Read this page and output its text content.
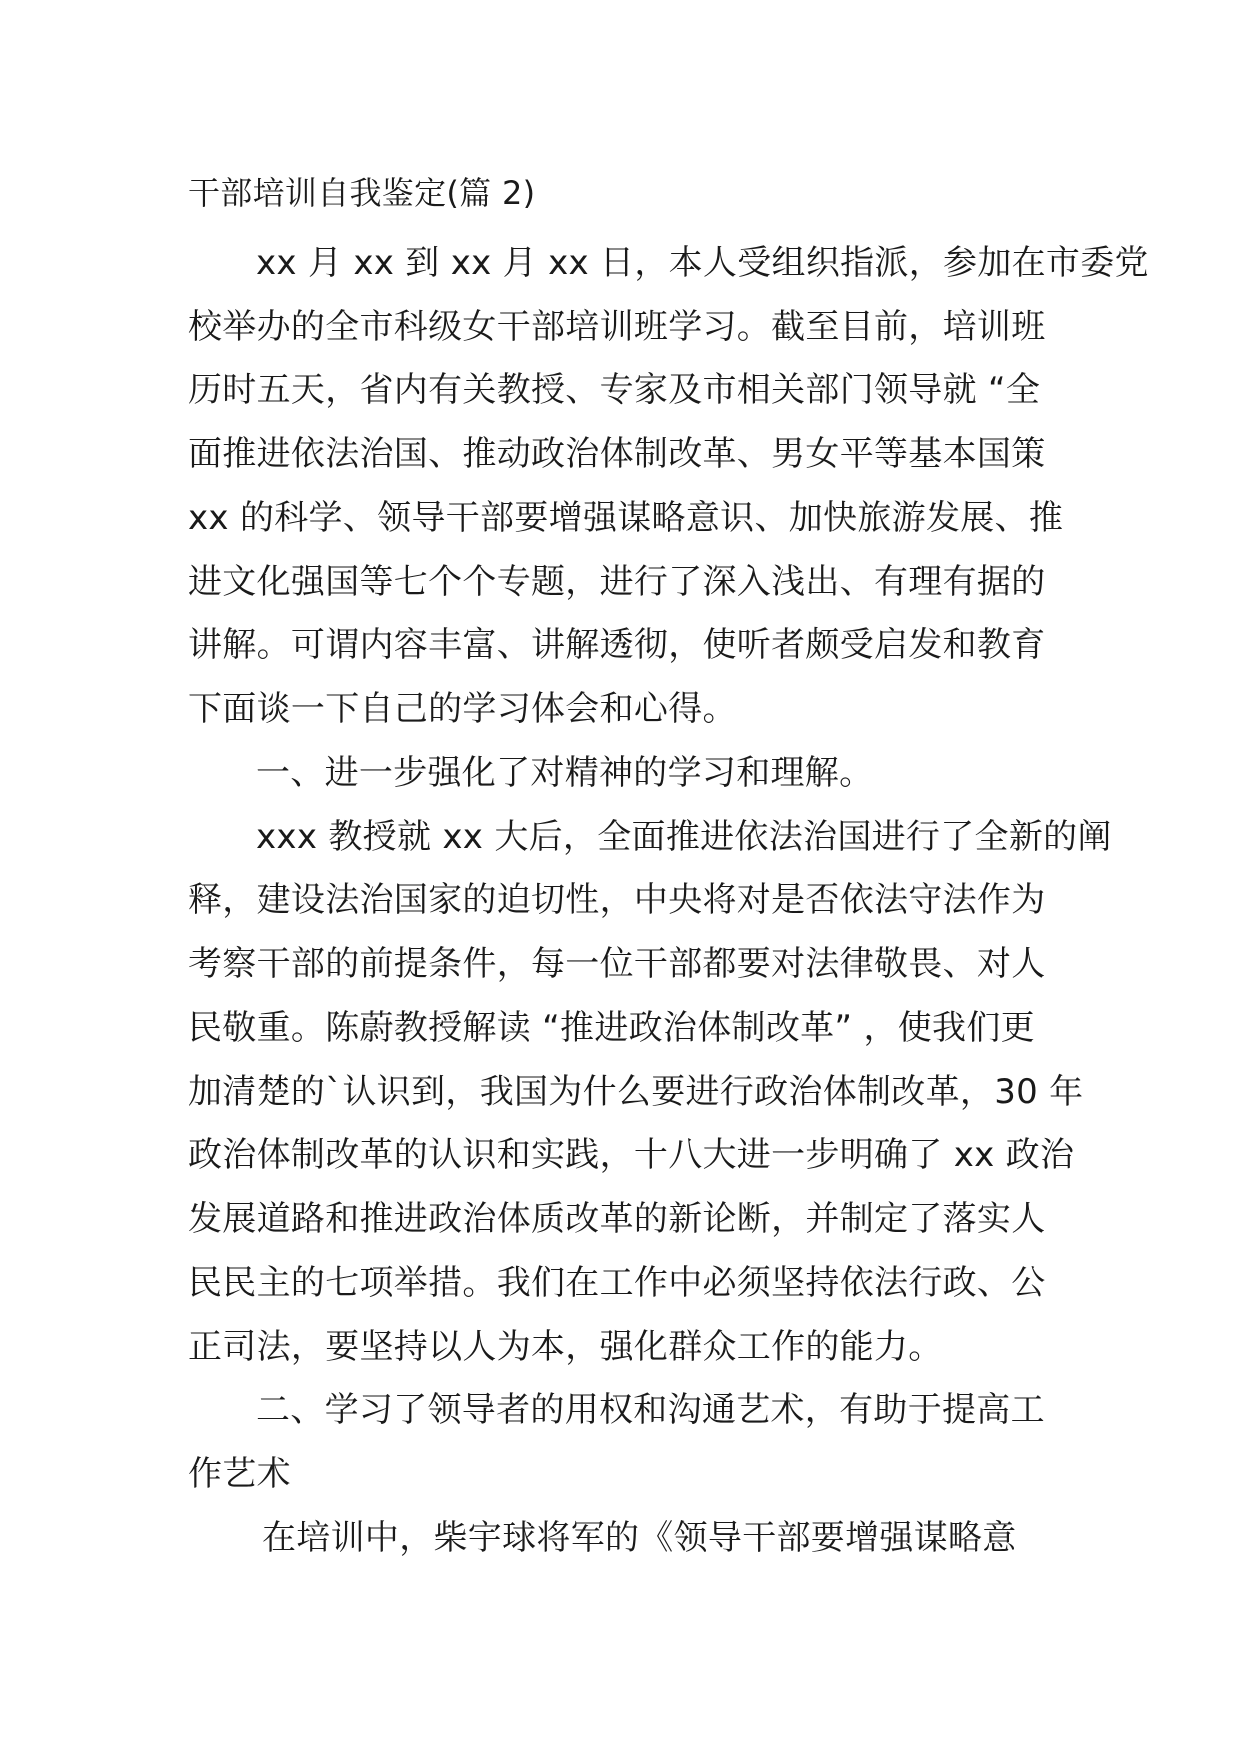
干部培训自我鉴定(篇 2)
xx 月 xx 到 xx 月 xx 日，本人受组织指派，参加在市委党
校举办的全市科级女干部培训班学习。截至目前，培训班
历时五天，省内有关教授、专家及市相关部门领导就 “全
面推进依法治国、推动政治体制改革、男女平等基本国策
xx 的科学、领导干部要增强谋略意识、加快旅游发展、推
进文化强国等七个个专题，进行了深入浅出、有理有据的
讲解。可谓内容丰富、讲解透彻，使听者颇受启发和教育
下面谈一下自己的学习体会和心得。
一、进一步强化了对精神的学习和理解。
xxx 教授就 xx 大后，全面推进依法治国进行了全新的阐
释，建设法治国家的迫切性，中央将对是否依法守法作为
考察干部的前提条件，每一位干部都要对法律敬畏、对人
民敬重。陈蔚教授解读 “推进政治体制改革” ，使我们更
加清楚的`认识到，我国为什么要进行政治体制改革，30 年
政治体制改革的认识和实践，十八大进一步明确了 xx 政治
发展道路和推进政治体质改革的新论断，并制定了落实人
民民主的七项举措。我们在工作中必须坚持依法行政、公
正司法，要坚持以人为本，强化群众工作的能力。
二、学习了领导者的用权和沟通艺术，有助于提高工
作艺术
在培训中，柴宇球将军的《领导干部要增强谋略意
